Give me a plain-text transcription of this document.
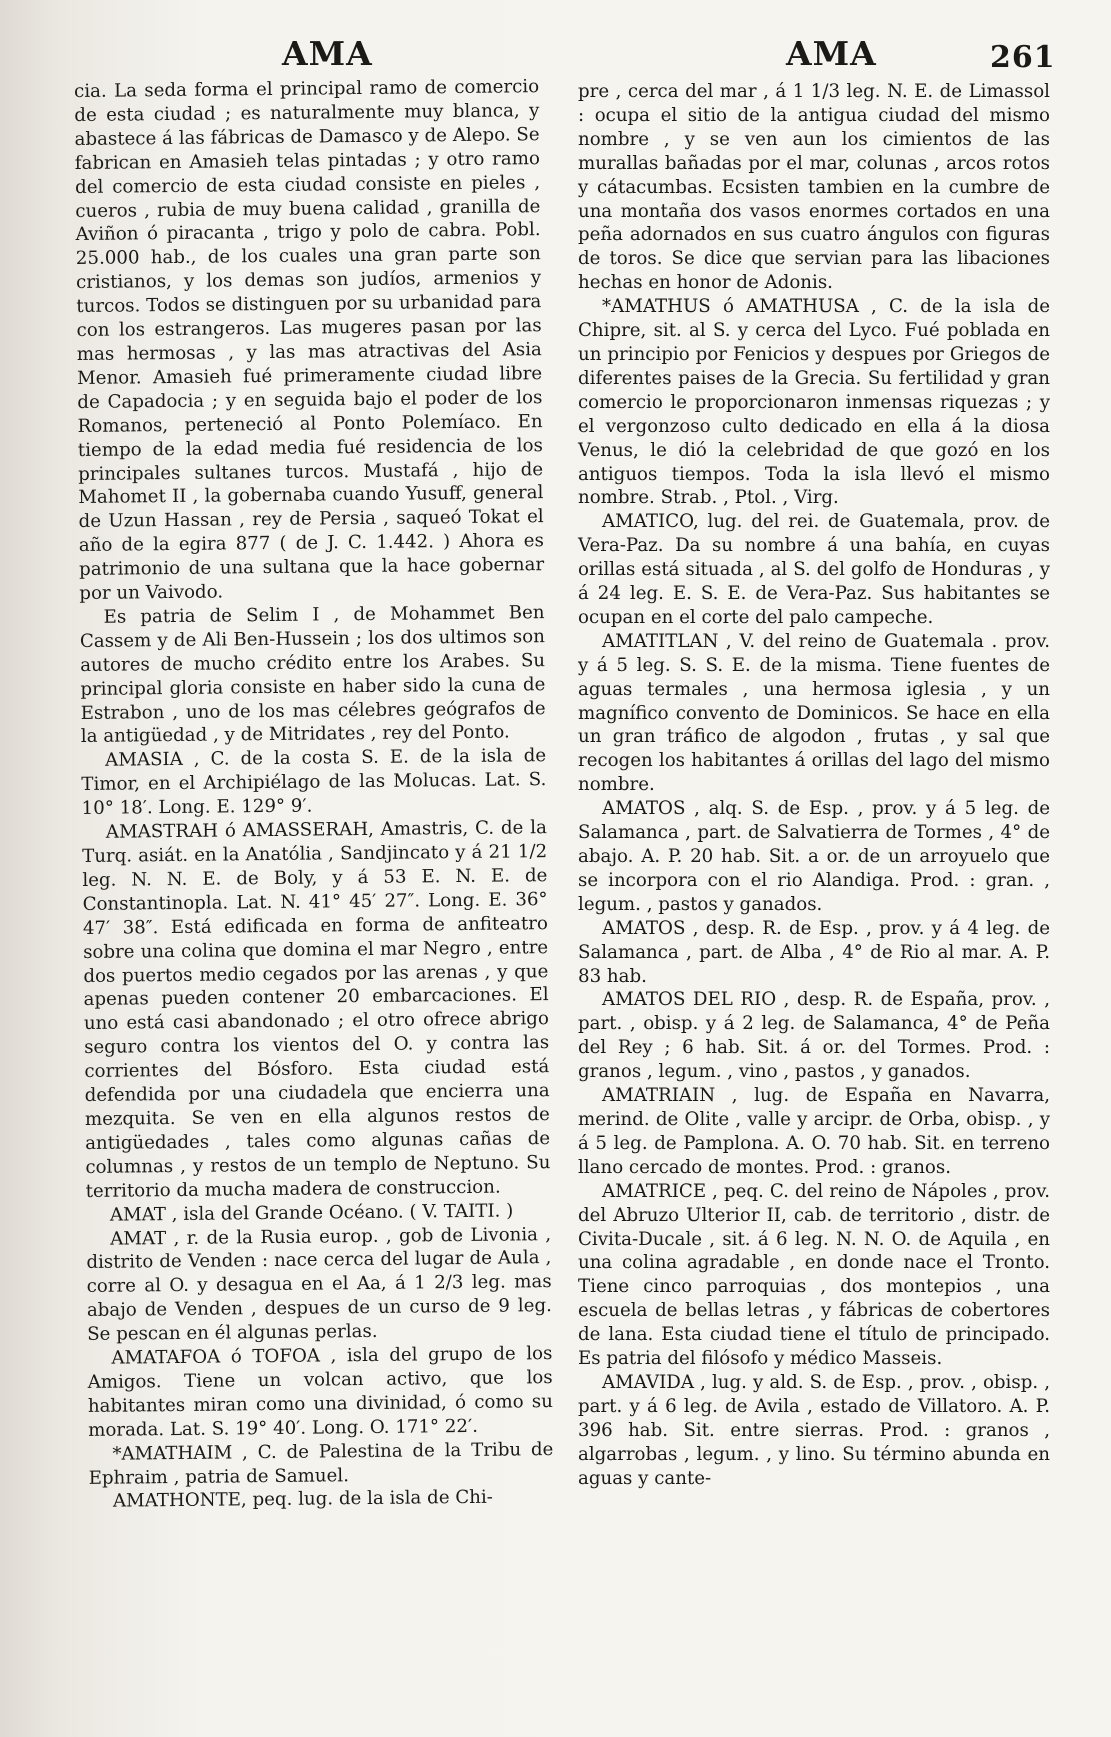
AMA	AMA	261

cia. La seda forma el principal ramo de comercio de esta ciudad ; es naturalmente muy blanca, y abastece á las fábricas de Damasco y de Alepo. Se fabrican en Amasieh telas pintadas ; y otro ramo del comercio de esta ciudad consiste en pieles , cueros , rubia de muy buena calidad , granilla de Aviñon ó piracanta , trigo y polo de cabra. Pobl. 25.000 hab., de los cuales una gran parte son cristianos, y los demas son judíos, armenios y turcos. Todos se distinguen por su urbanidad para con los estrangeros. Las mugeres pasan por las mas hermosas , y las mas atractivas del Asia Menor. Amasieh fué primeramente ciudad libre de Capadocia ; y en seguida bajo el poder de los Romanos, perteneció al Ponto Polemíaco. En tiempo de la edad media fué residencia de los principales sultanes turcos. Mustafá , hijo de Mahomet II , la gobernaba cuando Yusuff, general de Uzun Hassan , rey de Persia , saqueó Tokat el año de la egira 877 ( de J. C. 1.442. ) Ahora es patrimonio de una sultana que la hace gobernar por un Vaivodo.

Es patria de Selim I , de Mohammet Ben Cassem y de Ali Ben-Hussein ; los dos ultimos son autores de mucho crédito entre los Arabes. Su principal gloria consiste en haber sido la cuna de Estrabon , uno de los mas célebres geógrafos de la antigüedad , y de Mitridates , rey del Ponto.

AMASIA , C. de la costa S. E. de la isla de Timor, en el Archipiélago de las Molucas. Lat. S. 10° 18′. Long. E. 129° 9′.

AMASTRAH ó AMASSERAH, Amastris, C. de la Turq. asiát. en la Anatólia , Sandjincato y á 21 1/2 leg. N. N. E. de Boly, y á 53 E. N. E. de Constantinopla. Lat. N. 41° 45′ 27″. Long. E. 36° 47′ 38″. Está edificada en forma de anfiteatro sobre una colina que domina el mar Negro , entre dos puertos medio cegados por las arenas , y que apenas pueden contener 20 embarcaciones. El uno está casi abandonado ; el otro ofrece abrigo seguro contra los vientos del O. y contra las corrientes del Bósforo. Esta ciudad está defendida por una ciudadela que encierra una mezquita. Se ven en ella algunos restos de antigüedades , tales como algunas cañas de columnas , y restos de un templo de Neptuno. Su territorio da mucha madera de construccion.

AMAT , isla del Grande Océano. ( V. TAITI. )

AMAT , r. de la Rusia europ. , gob de Livonia , distrito de Venden : nace cerca del lugar de Aula , corre al O. y desagua en el Aa, á 1 2/3 leg. mas abajo de Venden , despues de un curso de 9 leg. Se pescan en él algunas perlas.

AMATAFOA ó TOFOA , isla del grupo de los Amigos. Tiene un volcan activo, que los habitantes miran como una divinidad, ó como su morada. Lat. S. 19° 40′. Long. O. 171° 22′.

*AMATHAIM , C. de Palestina de la Tribu de Ephraim , patria de Samuel.

AMATHONTE, peq. lug. de la isla de Chi-

pre , cerca del mar , á 1 1/3 leg. N. E. de Limassol : ocupa el sitio de la antigua ciudad del mismo nombre , y se ven aun los cimientos de las murallas bañadas por el mar, colunas , arcos rotos y cátacumbas. Ecsisten tambien en la cumbre de una montaña dos vasos enormes cortados en una peña adornados en sus cuatro ángulos con figuras de toros. Se dice que servian para las libaciones hechas en honor de Adonis.

*AMATHUS ó AMATHUSA , C. de la isla de Chipre, sit. al S. y cerca del Lyco. Fué poblada en un principio por Fenicios y despues por Griegos de diferentes paises de la Grecia. Su fertilidad y gran comercio le proporcionaron inmensas riquezas ; y el vergonzoso culto dedicado en ella á la diosa Venus, le dió la celebridad de que gozó en los antiguos tiempos. Toda la isla llevó el mismo nombre. Strab. , Ptol. , Virg.

AMATICO, lug. del rei. de Guatemala, prov. de Vera-Paz. Da su nombre á una bahía, en cuyas orillas está situada , al S. del golfo de Honduras , y á 24 leg. E. S. E. de Vera-Paz. Sus habitantes se ocupan en el corte del palo campeche.

AMATITLAN , V. del reino de Guatemala . prov. y á 5 leg. S. S. E. de la misma. Tiene fuentes de aguas termales , una hermosa iglesia , y un magnífico convento de Dominicos. Se hace en ella un gran tráfico de algodon , frutas , y sal que recogen los habitantes á orillas del lago del mismo nombre.

AMATOS , alq. S. de Esp. , prov. y á 5 leg. de Salamanca , part. de Salvatierra de Tormes , 4° de abajo. A. P. 20 hab. Sit. a or. de un arroyuelo que se incorpora con el rio Alandiga. Prod. : gran. , legum. , pastos y ganados.

AMATOS , desp. R. de Esp. , prov. y á 4 leg. de Salamanca , part. de Alba , 4° de Rio al mar. A. P. 83 hab.

AMATOS DEL RIO , desp. R. de España, prov. , part. , obisp. y á 2 leg. de Salamanca, 4° de Peña del Rey ; 6 hab. Sit. á or. del Tormes. Prod. : granos , legum. , vino , pastos , y ganados.

AMATRIAIN , lug. de España en Navarra, merind. de Olite , valle y arcipr. de Orba, obisp. , y á 5 leg. de Pamplona. A. O. 70 hab. Sit. en terreno llano cercado de montes. Prod. : granos.

AMATRICE , peq. C. del reino de Nápoles , prov. del Abruzo Ulterior II, cab. de territorio , distr. de Civita-Ducale , sit. á 6 leg. N. N. O. de Aquila , en una colina agradable , en donde nace el Tronto. Tiene cinco parroquias , dos montepios , una escuela de bellas letras , y fábricas de cobertores de lana. Esta ciudad tiene el título de principado. Es patria del filósofo y médico Masseis.

AMAVIDA , lug. y ald. S. de Esp. , prov. , obisp. , part. y á 6 leg. de Avila , estado de Villatoro. A. P. 396 hab. Sit. entre sierras. Prod. : granos , algarrobas , legum. , y lino. Su término abunda en aguas y cante-
